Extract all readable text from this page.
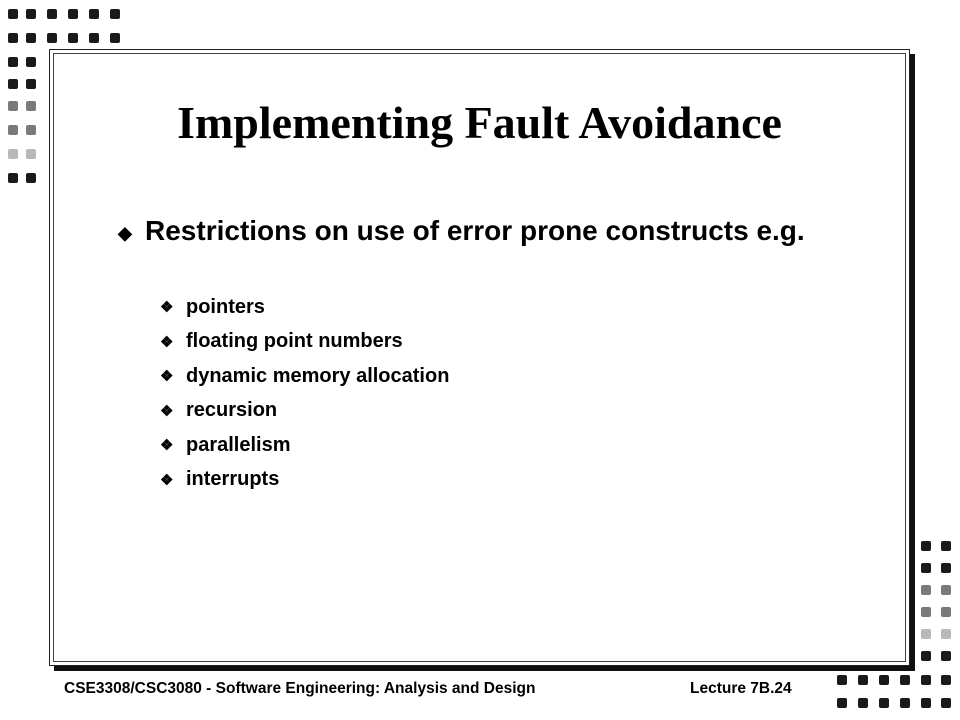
Implementing Fault Avoidance
◆ Restrictions on use of error prone constructs e.g.
❖ pointers
❖ floating point numbers
❖ dynamic memory allocation
❖ recursion
❖ parallelism
❖ interrupts
CSE3308/CSC3080 - Software Engineering: Analysis and Design	Lecture 7B.24
